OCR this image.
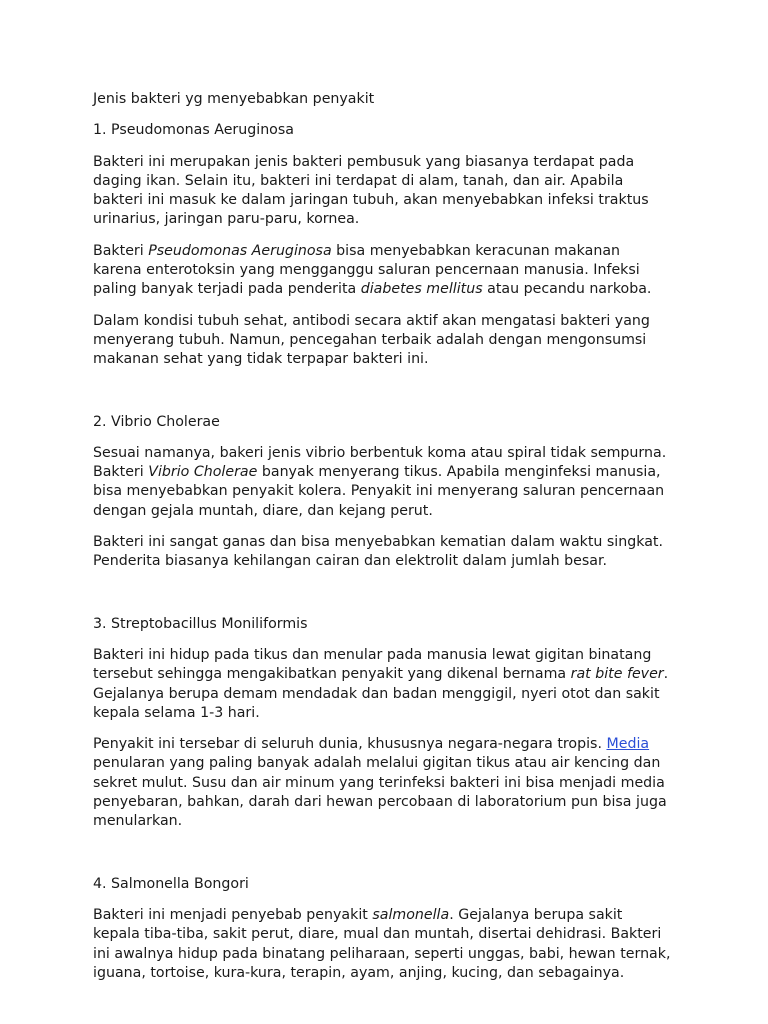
Jenis bakteri yg menyebabkan penyakit

1. Pseudomonas Aeruginosa

Bakteri ini merupakan jenis bakteri pembusuk yang biasanya terdapat pada daging ikan. Selain itu, bakteri ini terdapat di alam, tanah, dan air. Apabila bakteri ini masuk ke dalam jaringan tubuh, akan menyebabkan infeksi traktus urinarius, jaringan paru-paru, kornea.

Bakteri Pseudomonas Aeruginosa bisa menyebabkan keracunan makanan karena enterotoksin yang mengganggu saluran pencernaan manusia. Infeksi paling banyak terjadi pada penderita diabetes mellitus atau pecandu narkoba.

Dalam kondisi tubuh sehat, antibodi secara aktif akan mengatasi bakteri yang menyerang tubuh. Namun, pencegahan terbaik adalah dengan mengonsumsi makanan sehat yang tidak terpapar bakteri ini.

2. Vibrio Cholerae

Sesuai namanya, bakeri jenis vibrio berbentuk koma atau spiral tidak sempurna. Bakteri Vibrio Cholerae banyak menyerang tikus. Apabila menginfeksi manusia, bisa menyebabkan penyakit kolera. Penyakit ini menyerang saluran pencernaan dengan gejala muntah, diare, dan kejang perut.

Bakteri ini sangat ganas dan bisa menyebabkan kematian dalam waktu singkat. Penderita biasanya kehilangan cairan dan elektrolit dalam jumlah besar.

3. Streptobacillus Moniliformis

Bakteri ini hidup pada tikus dan menular pada manusia lewat gigitan binatang tersebut sehingga mengakibatkan penyakit yang dikenal bernama rat bite fever. Gejalanya berupa demam mendadak dan badan menggigil, nyeri otot dan sakit kepala selama 1-3 hari.

Penyakit ini tersebar di seluruh dunia, khususnya negara-negara tropis. Media penularan yang paling banyak adalah melalui gigitan tikus atau air kencing dan sekret mulut. Susu dan air minum yang terinfeksi bakteri ini bisa menjadi media penyebaran, bahkan, darah dari hewan percobaan di laboratorium pun bisa juga menularkan.

4. Salmonella Bongori

Bakteri ini menjadi penyebab penyakit salmonella. Gejalanya berupa sakit kepala tiba-tiba, sakit perut, diare, mual dan muntah, disertai dehidrasi. Bakteri ini awalnya hidup pada binatang peliharaan, seperti unggas, babi, hewan ternak, iguana, tortoise, kura-kura, terapin, ayam, anjing, kucing, dan sebagainya.
